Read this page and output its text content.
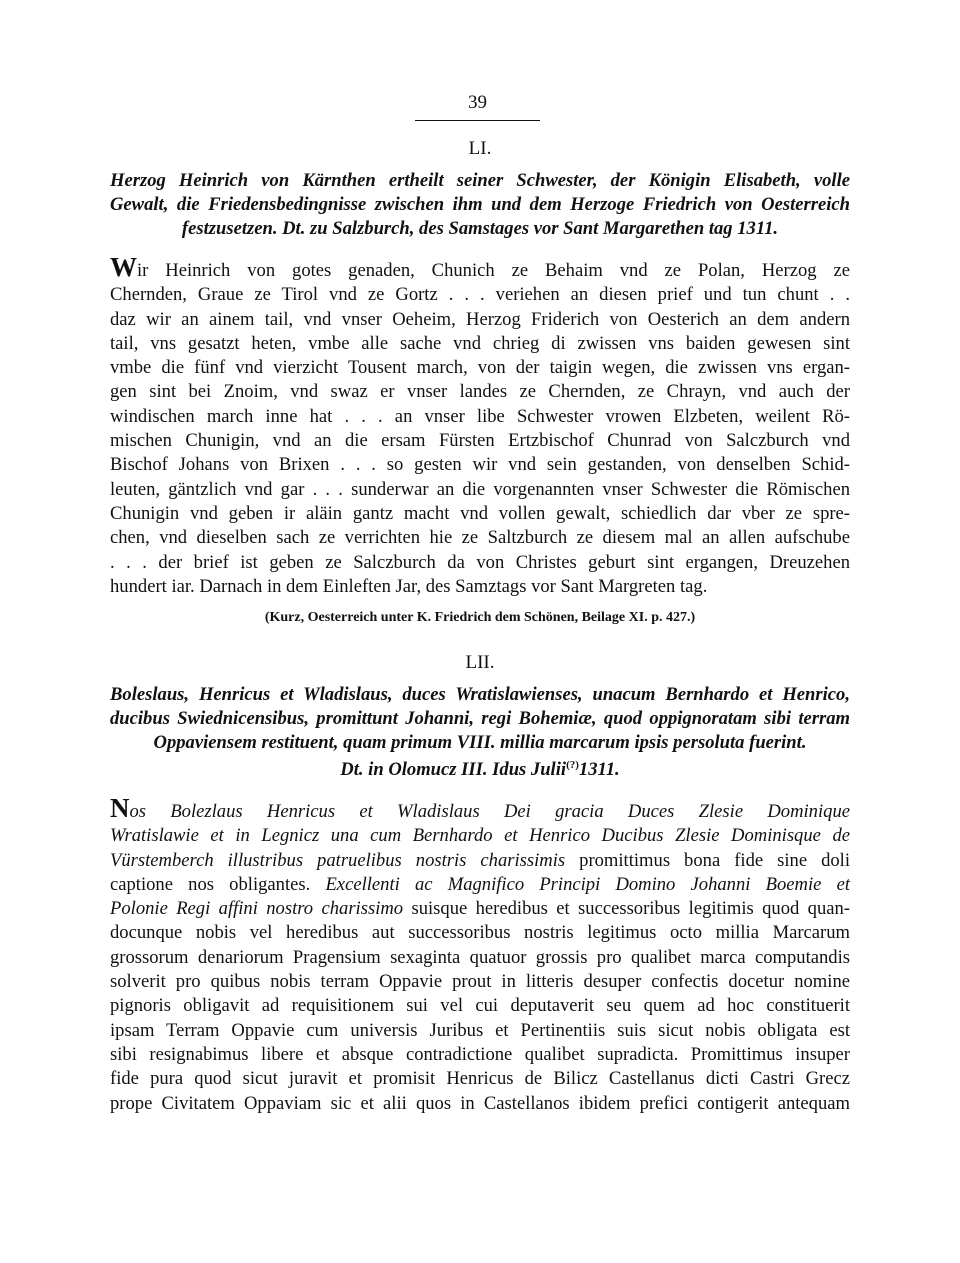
39
LI.
Herzog Heinrich von Kärnthen ertheilt seiner Schwester, der Königin Elisabeth, volle
Gewalt, die Friedensbedingnisse zwischen ihm und dem Herzoge Friedrich von Oesterreich
festzusetzen. Dt. zu Salzburch, des Samstages vor Sant Margarethen tag 1311.
Wir Heinrich von gotes genaden, Chunich ze Behaim vnd ze Polan, Herzog ze
Chernden, Graue ze Tirol vnd ze Gortz . . . veriehen an diesen prief und tun chunt . .
daz wir an ainem tail, vnd vnser Oeheim, Herzog Friderich von Oesterich an dem andern
tail, vns gesatzt heten, vmbe alle sache vnd chrieg di zwissen vns baiden gewesen sint
vmbe die fünf vnd vierzicht Tousent march, von der taigin wegen, die zwissen vns ergan-
gen sint bei Znoim, vnd swaz er vnser landes ze Chernden, ze Chrayn, vnd auch der
windischen march inne hat . . . an vnser libe Schwester vrowen Elzbeten, weilent Rö-
mischen Chunigin, vnd an die ersam Fürsten Ertzbischof Chunrad von Salczburch vnd
Bischof Johans von Brixen . . . so gesten wir vnd sein gestanden, von denselben Schid-
leuten, gäntzlich vnd gar . . . sunderwar an die vorgenannten vnser Schwester die Römischen
Chunigin vnd geben ir aläin gantz macht vnd vollen gewalt, schiedlich dar vber ze spre-
chen, vnd dieselben sach ze verrichten hie ze Saltzburch ze diesem mal an allen aufschube
. . . der brief ist geben ze Salczburch da von Christes geburt sint ergangen, Dreuzehen
hundert iar. Darnach in dem Einleften Jar, des Samztags vor Sant Margreten tag.
(Kurz, Oesterreich unter K. Friedrich dem Schönen, Beilage XI. p. 427.)
LII.
Boleslaus, Henricus et Wladislaus, duces Wratislawienses, unacum Bernhardo et Henrico,
ducibus Swiednicensibus, promittunt Johanni, regi Bohemiæ, quod oppignoratam sibi terram
Oppaviensem restituent, quam primum VIII. millia marcarum ipsis persoluta fuerint.
Dt. in Olomucz III. Idus Julii(?)1311.
Nos Bolezlaus Henricus et Wladislaus Dei gracia Duces Zlesie Dominique
Wratislawie et in Legnicz una cum Bernhardo et Henrico Ducibus Zlesie Dominisque de
Vürstemberch illustribus patruelibus nostris charissimis promittimus bona fide sine doli
captione nos obligantes. Excellenti ac Magnifico Principi Domino Johanni Boemie et
Polonie Regi affini nostro charissimo suisque heredibus et successoribus legitimis quod quan-
docunque nobis vel heredibus aut successoribus nostris legitimus octo millia Marcarum
grossorum denariorum Pragensium sexaginta quatuor grossis pro qualibet marca computandis
solverit pro quibus nobis terram Oppavie prout in litteris desuper confectis docetur nomine
pignoris obligavit ad requisitionem sui vel cui deputaverit seu quem ad hoc constituerit
ipsam Terram Oppavie cum universis Juribus et Pertinentiis suis sicut nobis obligata est
sibi resignabimus libere et absque contradictione qualibet supradicta. Promittimus insuper
fide pura quod sicut juravit et promisit Henricus de Bilicz Castellanus dicti Castri Grecz
prope Civitatem Oppaviam sic et alii quos in Castellanos ibidem prefici contigerit antequam
